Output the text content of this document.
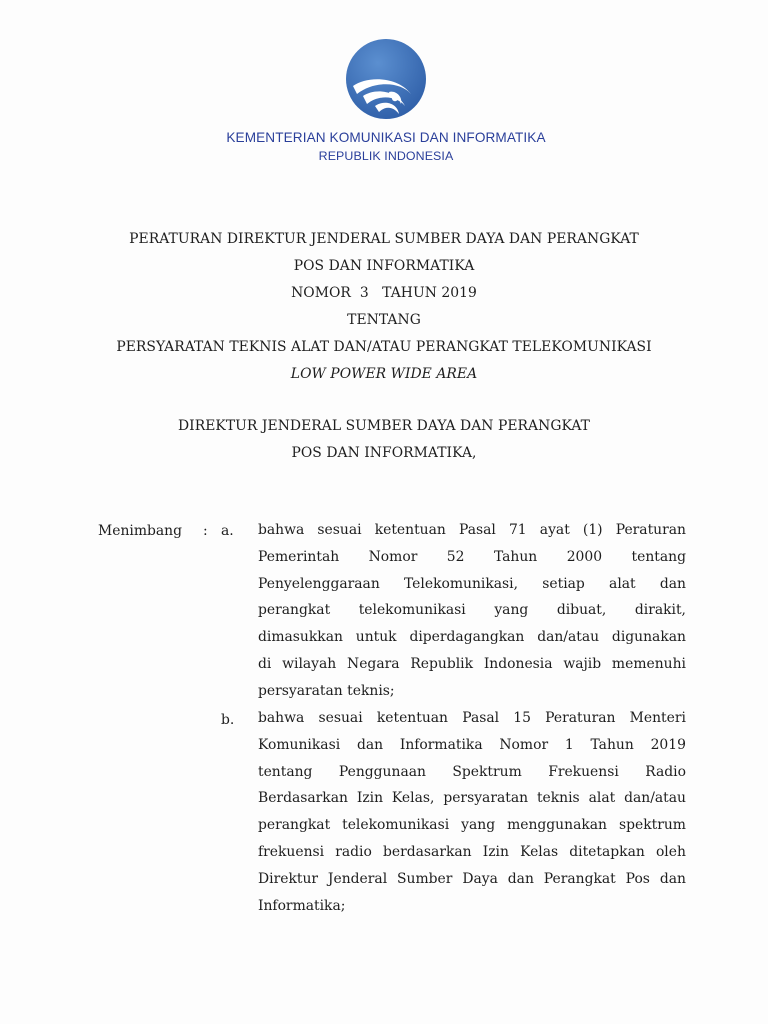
KEMENTERIAN KOMUNIKASI DAN INFORMATIKA
REPUBLIK INDONESIA
PERATURAN DIREKTUR JENDERAL SUMBER DAYA DAN PERANGKAT
POS DAN INFORMATIKA
NOMOR  3   TAHUN 2019
TENTANG
PERSYARATAN TEKNIS ALAT DAN/ATAU PERANGKAT TELEKOMUNIKASI
LOW POWER WIDE AREA
DIREKTUR JENDERAL SUMBER DAYA DAN PERANGKAT
POS DAN INFORMATIKA,
Menimbang : a. bahwa sesuai ketentuan Pasal 71 ayat (1) Peraturan
Pemerintah Nomor 52 Tahun 2000 tentang
Penyelenggaraan Telekomunikasi, setiap alat dan
perangkat telekomunikasi yang dibuat, dirakit,
dimasukkan untuk diperdagangkan dan/atau digunakan
di wilayah Negara Republik Indonesia wajib memenuhi
persyaratan teknis;
b. bahwa sesuai ketentuan Pasal 15 Peraturan Menteri
Komunikasi dan Informatika Nomor 1 Tahun 2019
tentang Penggunaan Spektrum Frekuensi Radio
Berdasarkan Izin Kelas, persyaratan teknis alat dan/atau
perangkat telekomunikasi yang menggunakan spektrum
frekuensi radio berdasarkan Izin Kelas ditetapkan oleh
Direktur Jenderal Sumber Daya dan Perangkat Pos dan
Informatika;
